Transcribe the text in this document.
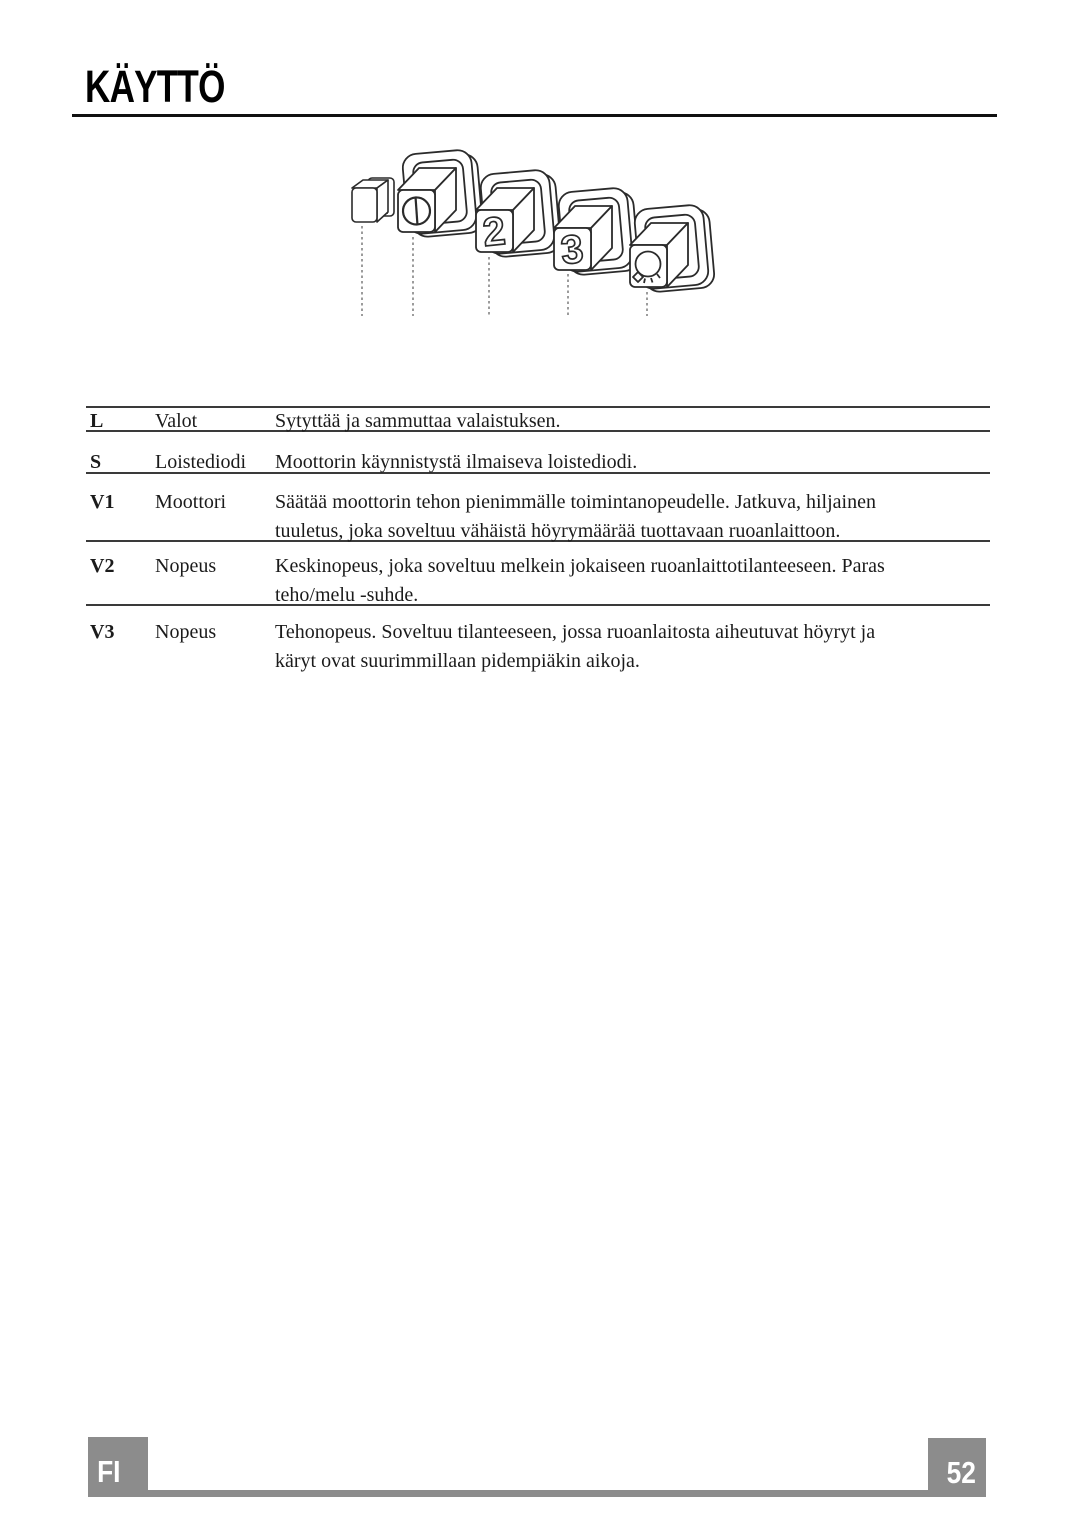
KÄYTTÖ
2 3
L	Valot	Sytyttää ja sammuttaa valaistuksen.
S	Loistediodi	Moottorin käynnistystä ilmaiseva loistediodi.
V1	Moottori	Säätää moottorin tehon pienimmälle toimintanopeudelle. Jatkuva, hiljainen
tuuletus, joka soveltuu vähäistä höyrymäärää tuottavaan ruoanlaittoon.
V2	Nopeus	Keskinopeus, joka soveltuu melkein jokaiseen ruoanlaittotilanteeseen. Paras
teho/melu -suhde.
V3	Nopeus	Tehonopeus. Soveltuu tilanteeseen, jossa ruoanlaitosta aiheutuvat höyryt ja
käryt ovat suurimmillaan pidempiäkin aikoja.
FI	52
